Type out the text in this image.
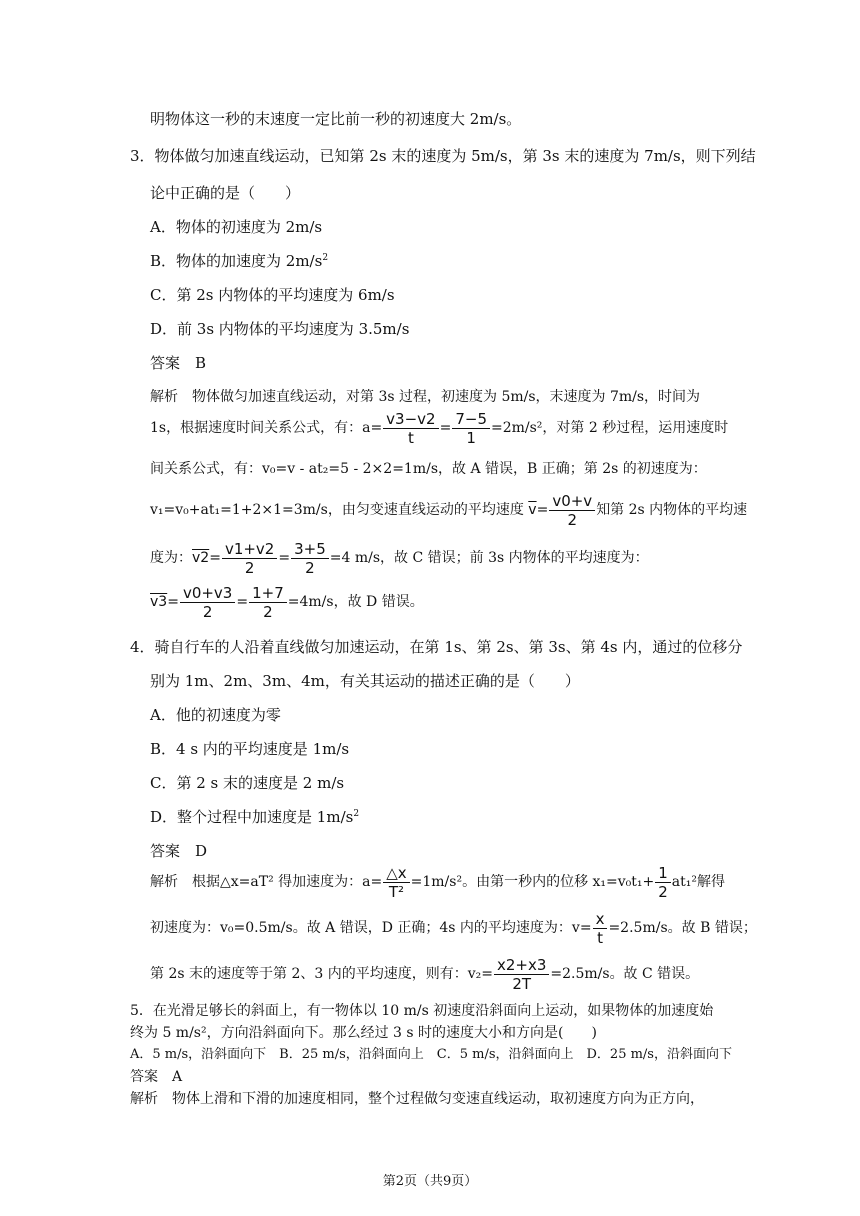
明物体这一秒的末速度一定比前一秒的初速度大 2m/s。
3．物体做匀加速直线运动，已知第 2s 末的速度为 5m/s，第 3s 末的速度为 7m/s，则下列结
论中正确的是（　　）
A．物体的初速度为 2m/s
B．物体的加速度为 $2m/s^2$
C．第 2s 内物体的平均速度为 6m/s
D．前 3s 内物体的平均速度为 3.5m/s
答案　B
解析　物体做匀加速直线运动，对第 3s 过程，初速度为 5m/s，末速度为 7m/s，时间为
1s，根据速度时间关系公式，有：$a= \frac{v3-v2}{t} = \frac{7-5}{1} =2m/s^2$，对第 2 秒过程，运用速度时
间关系公式，有：v₀=v - at₂=5 - 2×2=1m/s，故 A 错误，B 正确；第 2s 的初速度为：
v₁=v₀+at₁=1+2×1=3m/s，由匀变速直线运动的平均速度 $\overline{v}= \frac{v0+v}{2}$ 知第 2s 内物体的平均速
度为：$v2= \frac{v1+v2}{2} = \frac{3+5}{2} =4$ m/s，故 C 错误；前 3s 内物体的平均速度为：
$v3= \frac{v0+v3}{2} = \frac{1+7}{2} =4m/s$，故 D 错误。
4．骑自行车的人沿着直线做匀加速运动，在第 1s、第 2s、第 3s、第 4s 内，通过的位移分
别为 1m、2m、3m、4m，有关其运动的描述正确的是（　　）
A．他的初速度为零
B．4 s 内的平均速度是 1m/s
C．第 2 s 末的速度是 2 m/s
D．整个过程中加速度是 $1m/s^2$
答案　D
解析　根据△x=aT² 得加速度为：$a= \frac{\triangle x}{\text{T²}} =1m/s^2$。由第一秒内的位移 $x_1=v_0t_1+ \frac{1}{2} at_1^2$解得
初速度为：v₀=0.5m/s。故 A 错误，D 正确；4s 内的平均速度为：$v= \frac{x}{t} =2.5m/s$。故 B 错误；
第 2s 末的速度等于第 2、3 内的平均速度，则有：$v_2= \frac{x2+x3}{2T} =2.5m/s$。故 C 错误。
5．在光滑足够长的斜面上，有一物体以 10 m/s 初速度沿斜面向上运动，如果物体的加速度始
终为 5 m/s²，方向沿斜面向下。那么经过 3 s 时的速度大小和方向是(　　)
A．5 m/s，沿斜面向下　B．25 m/s，沿斜面向上　C．5 m/s，沿斜面向上　D．25 m/s，沿斜面向下
答案　A
解析　物体上滑和下滑的加速度相同，整个过程做匀变速直线运动，取初速度方向为正方向，
第2页（共9页）
